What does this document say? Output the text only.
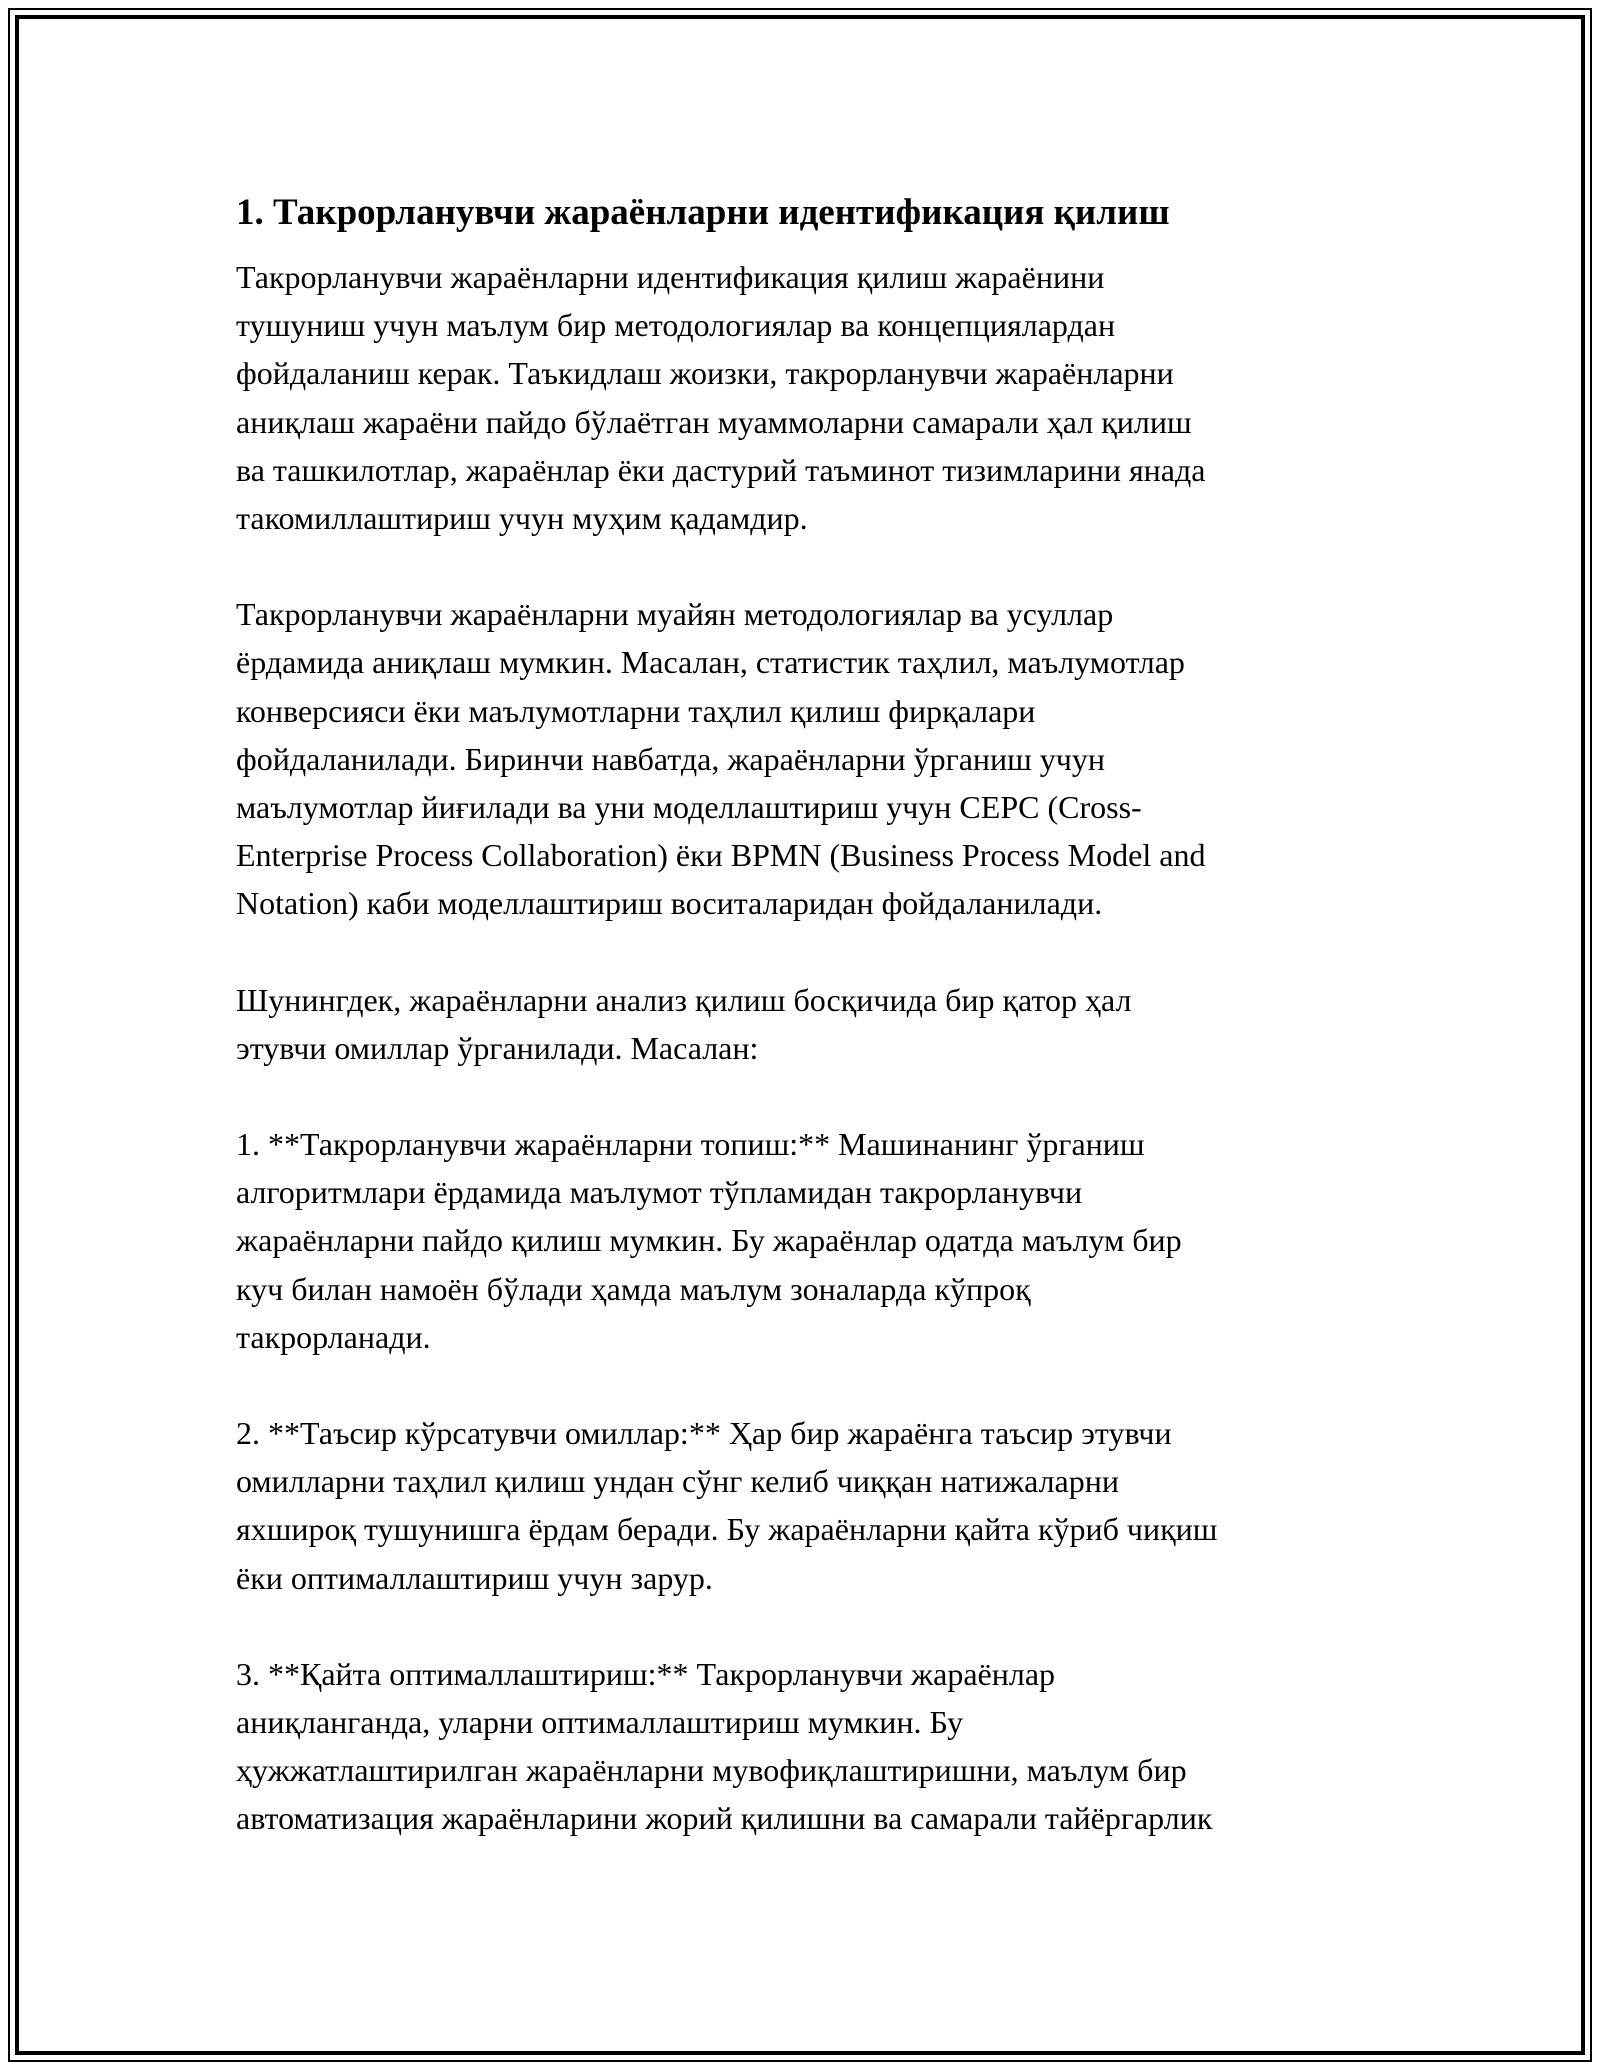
1. Такрорланувчи жараёнларни идентификация қилиш

Такрорланувчи жараёнларни идентификация қилиш жараёнини
тушуниш учун маълум бир методологиялар ва концепциялардан
фойдаланиш керак. Таъкидлаш жоизки, такрорланувчи жараёнларни
аниқлаш жараёни пайдо бўлаётган муаммоларни самарали ҳал қилиш
ва ташкилотлар, жараёнлар ёки дастурий таъминот тизимларини янада
такомиллаштириш учун муҳим қадамдир.

Такрорланувчи жараёнларни муайян методологиялар ва усуллар
ёрдамида аниқлаш мумкин. Масалан, статистик таҳлил, маълумотлар
конверсияси ёки маълумотларни таҳлил қилиш фирқалари
фойдаланилади. Биринчи навбатда, жараёнларни ўрганиш учун
маълумотлар йиғилади ва уни моделлаштириш учун CEPC (Cross-
Enterprise Process Collaboration) ёки BPMN (Business Process Model and
Notation) каби моделлаштириш воситаларидан фойдаланилади.

Шунингдек, жараёнларни анализ қилиш босқичида бир қатор ҳал
этувчи омиллар ўрганилади. Масалан:

1. **Такрорланувчи жараёнларни топиш:** Машинанинг ўрганиш
алгоритмлари ёрдамида маълумот тўпламидан такрорланувчи
жараёнларни пайдо қилиш мумкин. Бу жараёнлар одатда маълум бир
куч билан намоён бўлади ҳамда маълум зоналарда кўпроқ
такрорланади.

2. **Таъсир кўрсатувчи омиллар:** Ҳар бир жараёнга таъсир этувчи
омилларни таҳлил қилиш ундан сўнг келиб чиққан натижаларни
яхшироқ тушунишга ёрдам беради. Бу жараёнларни қайта кўриб чиқиш
ёки оптималлаштириш учун зарур.

3. **Қайта оптималлаштириш:** Такрорланувчи жараёнлар
аниқланганда, уларни оптималлаштириш мумкин. Бу
ҳужжатлаштирилган жараёнларни мувофиқлаштиришни, маълум бир
автоматизация жараёнларини жорий қилишни ва самарали тайёргарлик
